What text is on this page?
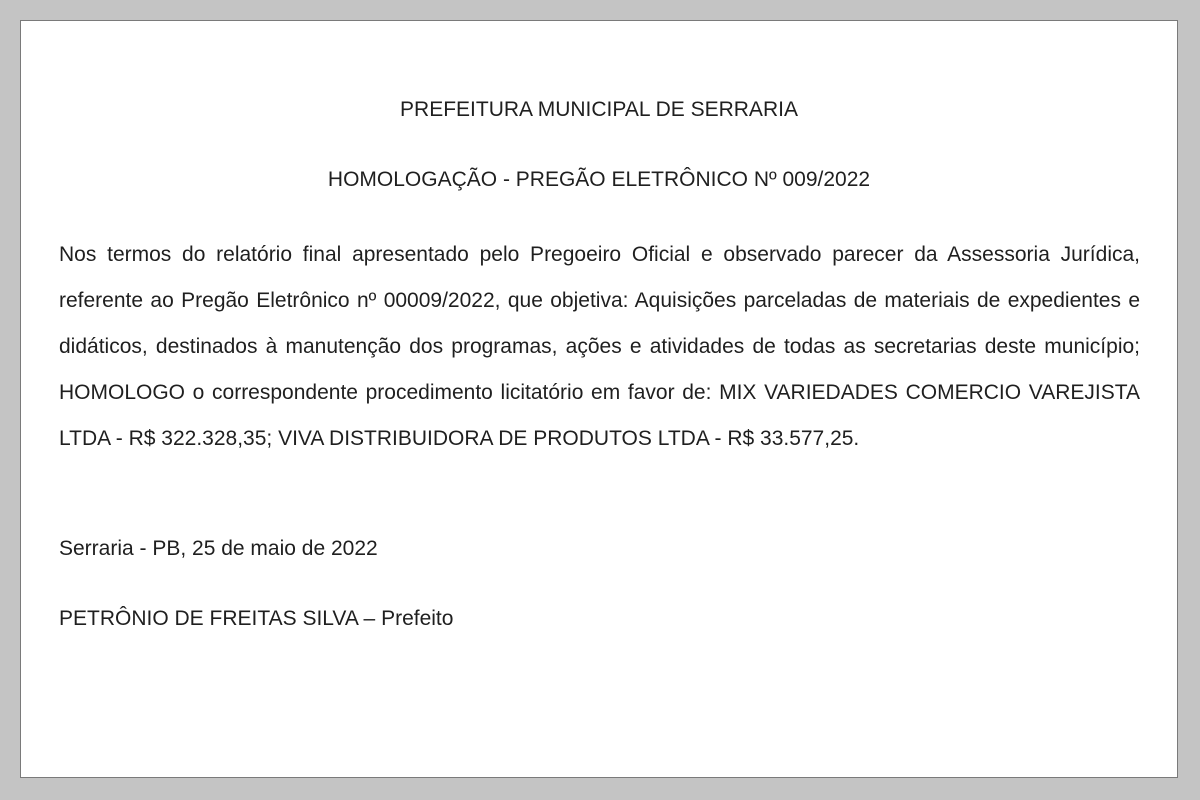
PREFEITURA MUNICIPAL DE SERRARIA
HOMOLOGAÇÃO - PREGÃO ELETRÔNICO Nº 009/2022

Nos termos do relatório final apresentado pelo Pregoeiro Oficial e observado parecer da Assessoria Jurídica, referente ao Pregão Eletrônico nº 00009/2022, que objetiva: Aquisições parceladas de materiais de expedientes e didáticos, destinados à manutenção dos programas, ações e atividades de todas as secretarias deste município; HOMOLOGO o correspondente procedimento licitatório em favor de: MIX VARIEDADES COMERCIO VAREJISTA LTDA - R$ 322.328,35; VIVA DISTRIBUIDORA DE PRODUTOS LTDA - R$ 33.577,25.

Serraria - PB, 25 de maio de 2022

PETRÔNIO DE FREITAS SILVA – Prefeito
